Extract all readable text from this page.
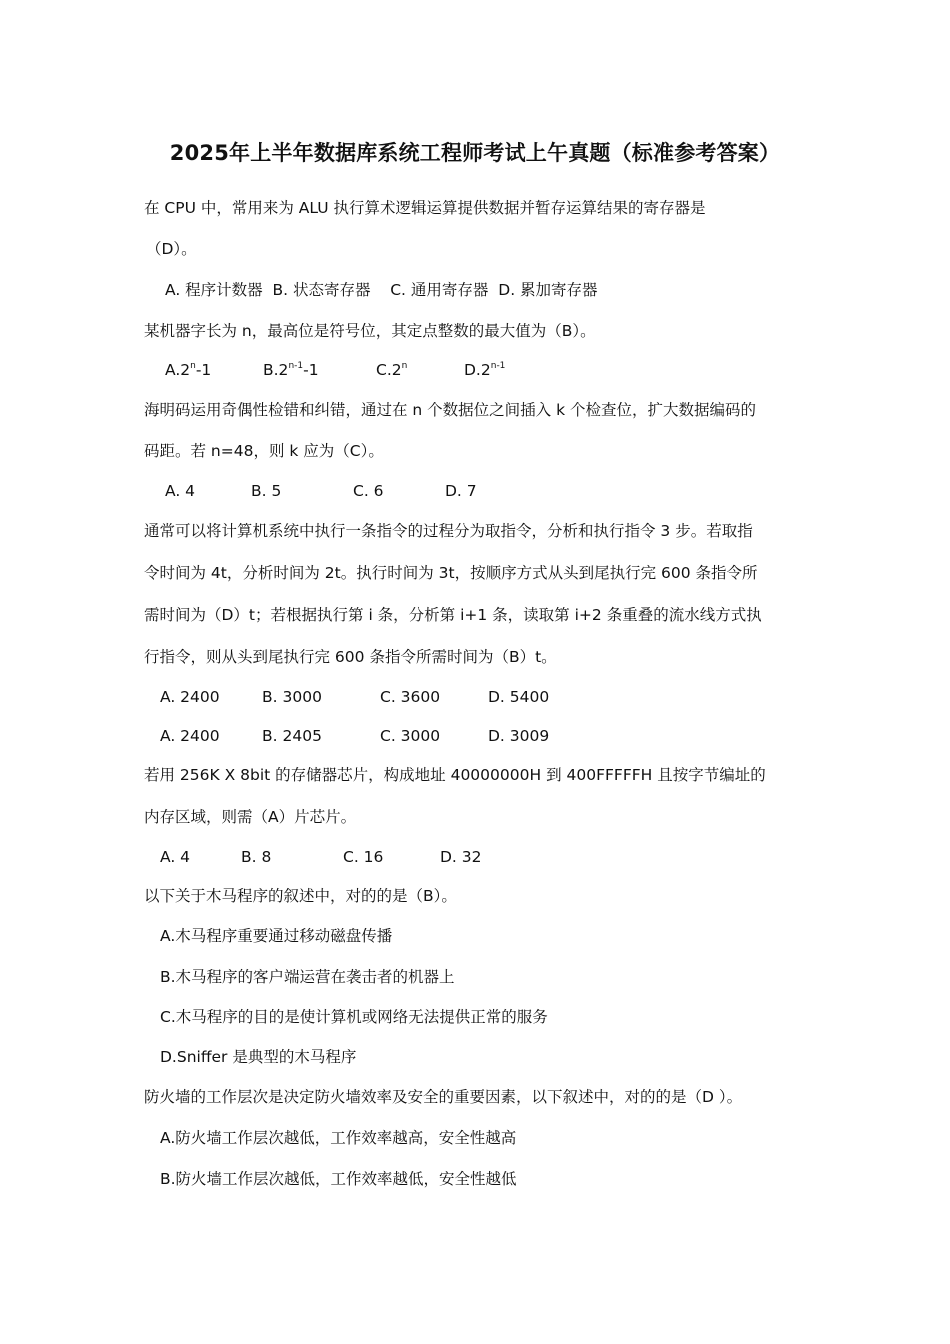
2025年上半年数据库系统工程师考试上午真题（标准参考答案）
在 CPU 中，常用来为 ALU 执行算术逻辑运算提供数据并暂存运算结果的寄存器是
（D）。
A. 程序计数器  B. 状态寄存器    C. 通用寄存器  D. 累加寄存器
某机器字长为 n，最高位是符号位，其定点整数的最大值为（B）。
A.2$^n$-1	B.2$^{n-1}$-1	C.2$^n$	D.2$^{n-1}$
海明码运用奇偶性检错和纠错，通过在 n 个数据位之间插入 k 个检查位，扩大数据编码的
码距。若 n=48，则 k 应为（C）。
A. 4	B. 5	C. 6	D. 7
通常可以将计算机系统中执行一条指令的过程分为取指令，分析和执行指令 3 步。若取指
令时间为 4t，分析时间为 2t。执行时间为 3t，按顺序方式从头到尾执行完 600 条指令所
需时间为（D）t；若根据执行第 i 条，分析第 i+1 条，读取第 i+2 条重叠的流水线方式执
行指令，则从头到尾执行完 600 条指令所需时间为（B）t。
A. 2400	B. 3000	C. 3600	D. 5400
A. 2400	B. 2405	C. 3000	D. 3009
若用 256K X 8bit 的存储器芯片，构成地址 40000000H 到 400FFFFFH 且按字节编址的
内存区域，则需（A）片芯片。
A. 4	B. 8	C. 16	D. 32
以下关于木马程序的叙述中，对的的是（B）。
A.木马程序重要通过移动磁盘传播
B.木马程序的客户端运营在袭击者的机器上
C.木马程序的目的是使计算机或网络无法提供正常的服务
D.Sniffer 是典型的木马程序
防火墙的工作层次是决定防火墙效率及安全的重要因素，以下叙述中，对的的是（D ）。
A.防火墙工作层次越低，工作效率越高，安全性越高
B.防火墙工作层次越低，工作效率越低，安全性越低
